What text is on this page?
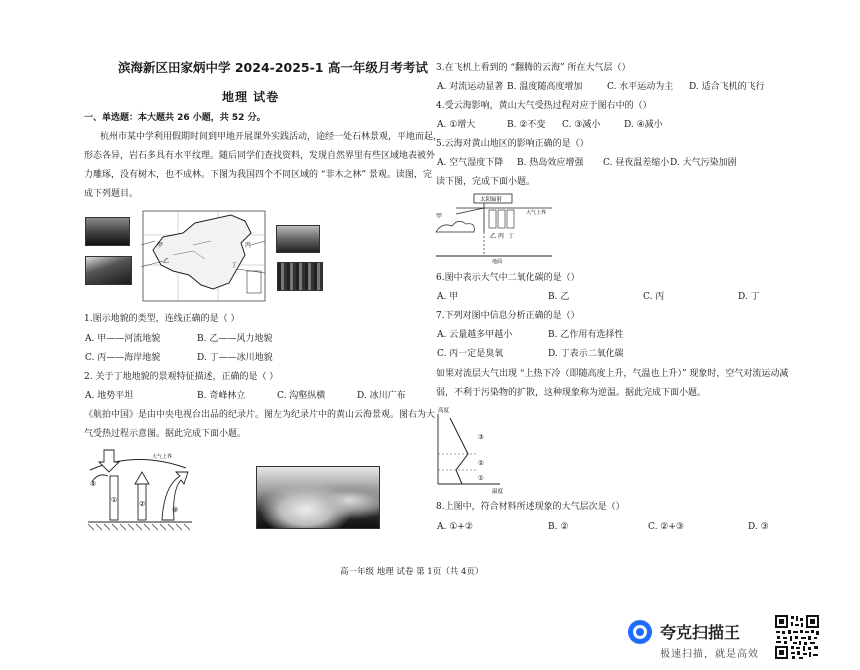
滨海新区田家炳中学 2024-2025-1 高一年级月考考试
地理 试卷
一、单选题：本大题共 26 小题，共 52 分。
杭州市某中学利用假期时间到甲地开展课外实践活动，途经一处石林景观，平地而起，
形态各异，岩石多具有水平纹理。随后同学们查找资料，发现自然界里有些区域地表被外
力雕琢，没有树木，也不成林。下图为我国四个不同区域的 “非木之林” 景观。读图，完
成下列题目。
甲
乙
丙
丁
1.图示地貌的类型，连线正确的是（ ）
A. 甲——河流地貌	B. 乙——风力地貌
C. 丙——海岸地貌	D. 丁——冰川地貌
2. 关于丁地地貌的景观特征描述，正确的是（ ）
A. 地势平坦	B. 奇峰林立	C. 沟壑纵横	D. 冰川广布
《航拍中国》是由中央电视台出品的纪录片。图左为纪录片中的黄山云海景观。图右为大
气受热过程示意图。据此完成下面小题。
大气上界
④
①	②
③
3.在飞机上看到的 “翻腾的云海” 所在大气层（）
A. 对流运动显著 B. 温度随高度增加	C. 水平运动为主 D. 适合飞机的飞行
4.受云海影响，黄山大气受热过程对应于图右中的（）
A. ①增大	B. ②不变 C. ③减小	D. ④减小
5.云海对黄山地区的影响正确的是（）
A. 空气湿度下降 B. 热岛效应增强 C. 昼夜温差缩小 D. 大气污染加剧
读下图，完成下面小题。
太阳辐射
大气上界
甲
乙 丙 丁
地面
6.图中表示大气中二氧化碳的是（）
A. 甲	B. 乙	C. 丙	D. 丁
7.下列对图中信息分析正确的是（）
A. 云量越多甲越小	B. 乙作用有选择性
C. 丙一定是臭氧	D. 丁表示二氧化碳
如果对流层大气出现 “上热下冷（即随高度上升，气温也上升）” 现象时，空气对流运动减
弱，不利于污染物的扩散，这种现象称为逆温。据此完成下面小题。
高度
温度
③
②
①
8.上图中，符合材料所述现象的大气层次是（）
A. ①+②	B. ②	C. ②+③	D. ③
高一年级 地理 试卷 第 1页（共 4页）
夸克扫描王
极速扫描，就是高效
